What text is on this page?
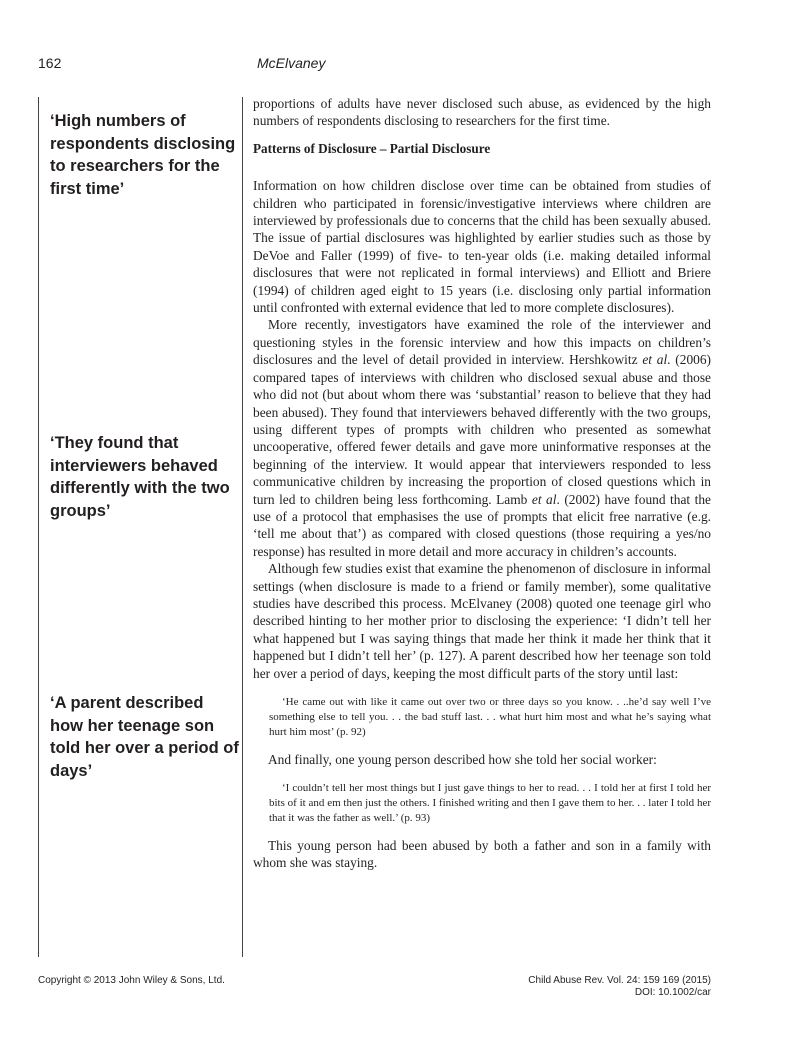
162	McElvaney
‘High numbers of respondents disclosing to researchers for the first time’
‘They found that interviewers behaved differently with the two groups’
‘A parent described how her teenage son told her over a period of days’

proportions of adults have never disclosed such abuse, as evidenced by the high numbers of respondents disclosing to researchers for the first time.

Patterns of Disclosure – Partial Disclosure

Information on how children disclose over time can be obtained from studies of children who participated in forensic/investigative interviews where children are interviewed by professionals due to concerns that the child has been sexually abused. The issue of partial disclosures was highlighted by earlier studies such as those by DeVoe and Faller (1999) of five- to ten-year olds (i.e. making detailed informal disclosures that were not replicated in formal interviews) and Elliott and Briere (1994) of children aged eight to 15 years (i.e. disclosing only partial information until confronted with external evidence that led to more complete disclosures).

More recently, investigators have examined the role of the interviewer and questioning styles in the forensic interview and how this impacts on children’s disclosures and the level of detail provided in interview. Hershkowitz et al. (2006) compared tapes of interviews with children who disclosed sexual abuse and those who did not (but about whom there was ‘substantial’ reason to believe that they had been abused). They found that interviewers behaved differently with the two groups, using different types of prompts with children who presented as somewhat uncooperative, offered fewer details and gave more uninformative responses at the beginning of the interview. It would appear that interviewers responded to less communicative children by increasing the proportion of closed questions which in turn led to children being less forthcoming. Lamb et al. (2002) have found that the use of a protocol that emphasises the use of prompts that elicit free narrative (e.g. ‘tell me about that’) as compared with closed questions (those requiring a yes/no response) has resulted in more detail and more accuracy in children’s accounts.

Although few studies exist that examine the phenomenon of disclosure in informal settings (when disclosure is made to a friend or family member), some qualitative studies have described this process. McElvaney (2008) quoted one teenage girl who described hinting to her mother prior to disclosing the experience: ‘I didn’t tell her what happened but I was saying things that made her think it made her think that it happened but I didn’t tell her’ (p. 127). A parent described how her teenage son told her over a period of days, keeping the most difficult parts of the story until last:

‘He came out with like it came out over two or three days so you know. . ..he’d say well I’ve something else to tell you. . . the bad stuff last. . . what hurt him most and what he’s saying what hurt him most’ (p. 92)

And finally, one young person described how she told her social worker:

‘I couldn’t tell her most things but I just gave things to her to read. . . I told her at first I told her bits of it and em then just the others. I finished writing and then I gave them to her. . . later I told her that it was the father as well.’ (p. 93)

This young person had been abused by both a father and son in a family with whom she was staying.

Copyright © 2013 John Wiley & Sons, Ltd.	Child Abuse Rev. Vol. 24: 159 169 (2015)
DOI: 10.1002/car
